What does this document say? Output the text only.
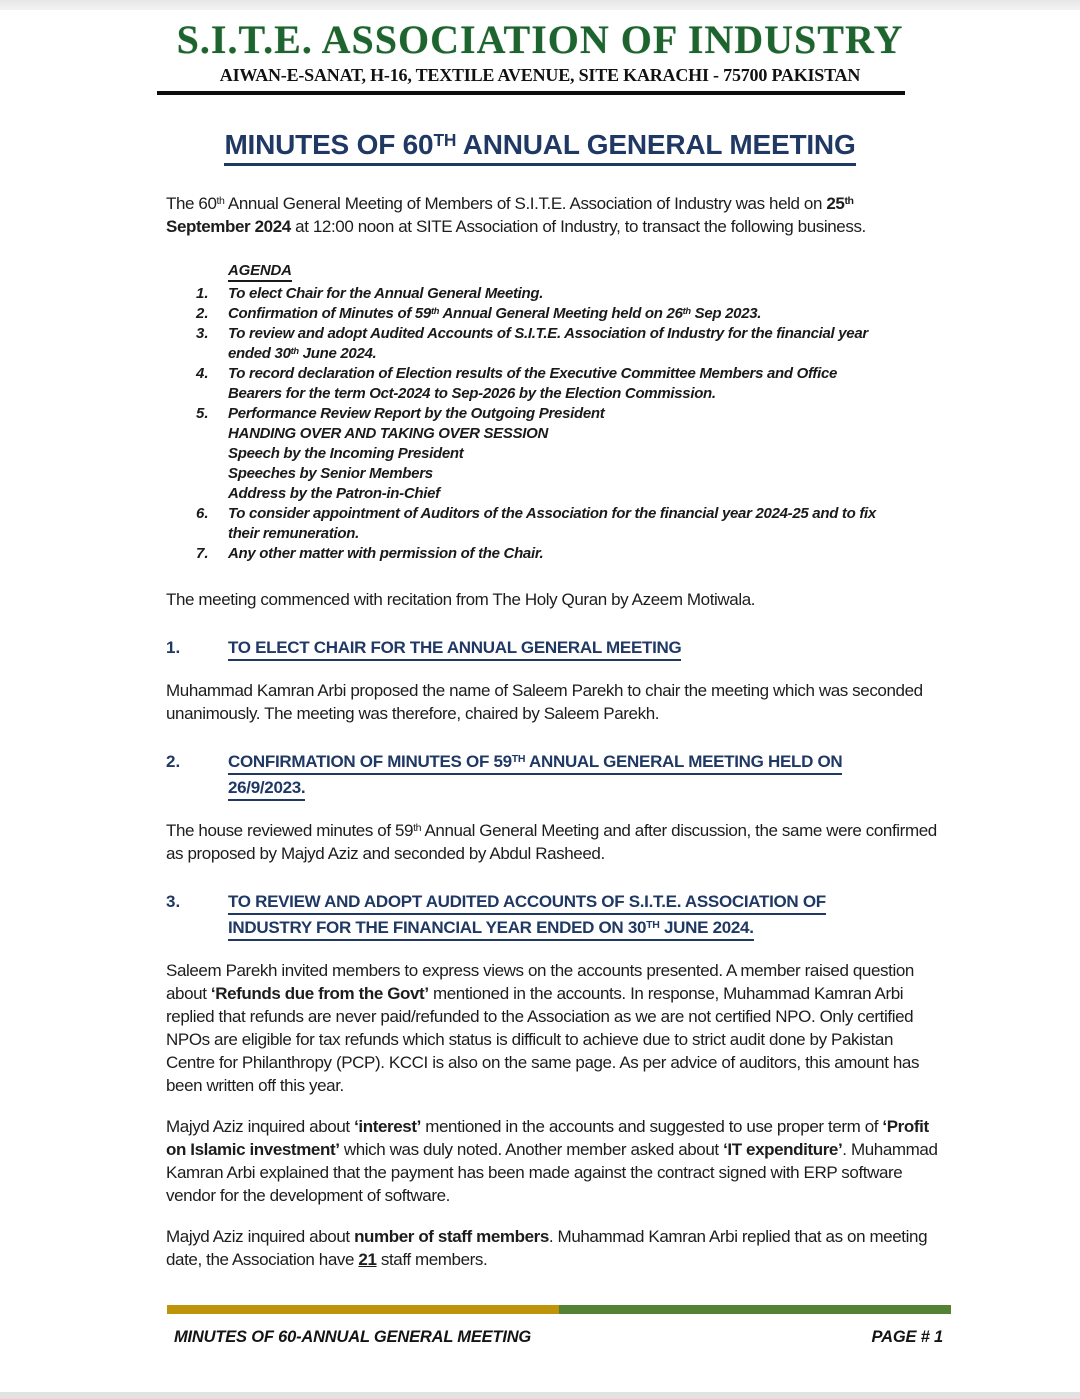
S.I.T.E. ASSOCIATION OF INDUSTRY
AIWAN-E-SANAT, H-16, TEXTILE AVENUE, SITE KARACHI - 75700 PAKISTAN
MINUTES OF 60TH ANNUAL GENERAL MEETING

The 60th Annual General Meeting of Members of S.I.T.E. Association of Industry was held on 25th September 2024 at 12:00 noon at SITE Association of Industry, to transact the following business.

AGENDA
1.	To elect Chair for the Annual General Meeting.
2.	Confirmation of Minutes of 59th Annual General Meeting held on 26th Sep 2023.
3.	To review and adopt Audited Accounts of S.I.T.E. Association of Industry for the financial year
ended 30th June 2024.
4.	To record declaration of Election results of the Executive Committee Members and Office
Bearers for the term Oct-2024 to Sep-2026 by the Election Commission.
5.	Performance Review Report by the Outgoing President
HANDING OVER AND TAKING OVER SESSION
Speech by the Incoming President
Speeches by Senior Members
Address by the Patron-in-Chief
6.	To consider appointment of Auditors of the Association for the financial year 2024-25 and to fix
their remuneration.
7.	Any other matter with permission of the Chair.

The meeting commenced with recitation from The Holy Quran by Azeem Motiwala.

1.	TO ELECT CHAIR FOR THE ANNUAL GENERAL MEETING

Muhammad Kamran Arbi proposed the name of Saleem Parekh to chair the meeting which was seconded unanimously. The meeting was therefore, chaired by Saleem Parekh.

2.	CONFIRMATION OF MINUTES OF 59TH ANNUAL GENERAL MEETING HELD ON
26/9/2023.

The house reviewed minutes of 59th Annual General Meeting and after discussion, the same were confirmed as proposed by Majyd Aziz and seconded by Abdul Rasheed.

3.	TO REVIEW AND ADOPT AUDITED ACCOUNTS OF S.I.T.E. ASSOCIATION OF
INDUSTRY FOR THE FINANCIAL YEAR ENDED ON 30TH JUNE 2024.

Saleem Parekh invited members to express views on the accounts presented. A member raised question about ‘Refunds due from the Govt’ mentioned in the accounts. In response, Muhammad Kamran Arbi replied that refunds are never paid/refunded to the Association as we are not certified NPO. Only certified NPOs are eligible for tax refunds which status is difficult to achieve due to strict audit done by Pakistan Centre for Philanthropy (PCP). KCCI is also on the same page. As per advice of auditors, this amount has been written off this year.

Majyd Aziz inquired about ‘interest’ mentioned in the accounts and suggested to use proper term of ‘Profit on Islamic investment’ which was duly noted. Another member asked about ‘IT expenditure’. Muhammad Kamran Arbi explained that the payment has been made against the contract signed with ERP software vendor for the development of software.

Majyd Aziz inquired about number of staff members. Muhammad Kamran Arbi replied that as on meeting date, the Association have 21 staff members.

MINUTES OF 60-ANNUAL GENERAL MEETING	PAGE # 1
